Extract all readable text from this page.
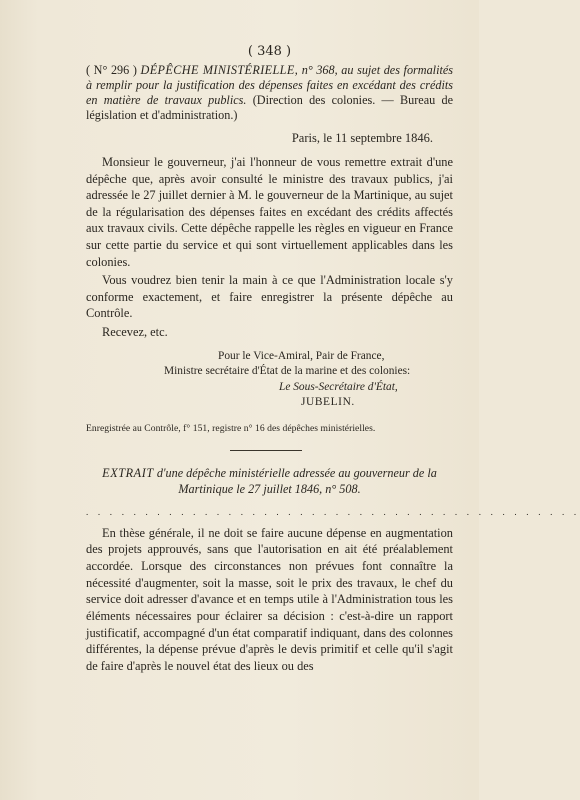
( 348 )
( N° 296 ) DÉPÊCHE MINISTÉRIELLE, n° 368, au sujet des formalités à remplir pour la justification des dépenses faites en excédant des crédits en matière de travaux publics. (Direction des colonies. — Bureau de législation et d'administration.)
Paris, le 11 septembre 1846.

Monsieur le gouverneur, j'ai l'honneur de vous remettre extrait d'une dépêche que, après avoir consulté le ministre des travaux publics, j'ai adressée le 27 juillet dernier à M. le gouverneur de la Martinique, au sujet de la régularisation des dépenses faites en excédant des crédits affectés aux travaux civils. Cette dépêche rappelle les règles en vigueur en France sur cette partie du service et qui sont virtuellement applicables dans les colonies.

Vous voudrez bien tenir la main à ce que l'Administration locale s'y conforme exactement, et faire enregistrer la présente dépêche au Contrôle.

Recevez, etc.

Pour le Vice-Amiral, Pair de France,
Ministre secrétaire d'État de la marine et des colonies:
Le Sous-Secrétaire d'État,
JUBELIN.
Enregistrée au Contrôle, f° 151, registre n° 16 des dépêches ministérielles.
EXTRAIT d'une dépêche ministérielle adressée au gouverneur de la Martinique le 27 juillet 1846, n° 508.
. . . . . . . . . . . . . . . . . . . . . . . . . . . . . . . . . . . . . . . . . .

En thèse générale, il ne doit se faire aucune dépense en augmentation des projets approuvés, sans que l'autorisation en ait été préalablement accordée. Lorsque des circonstances non prévues font connaître la nécessité d'augmenter, soit la masse, soit le prix des travaux, le chef du service doit adresser d'avance et en temps utile à l'Administration tous les éléments nécessaires pour éclairer sa décision : c'est-à-dire un rapport justificatif, accompagné d'un état comparatif indiquant, dans des colonnes différentes, la dépense prévue d'après le devis primitif et celle qu'il s'agit de faire d'après le nouvel état des lieux ou des
